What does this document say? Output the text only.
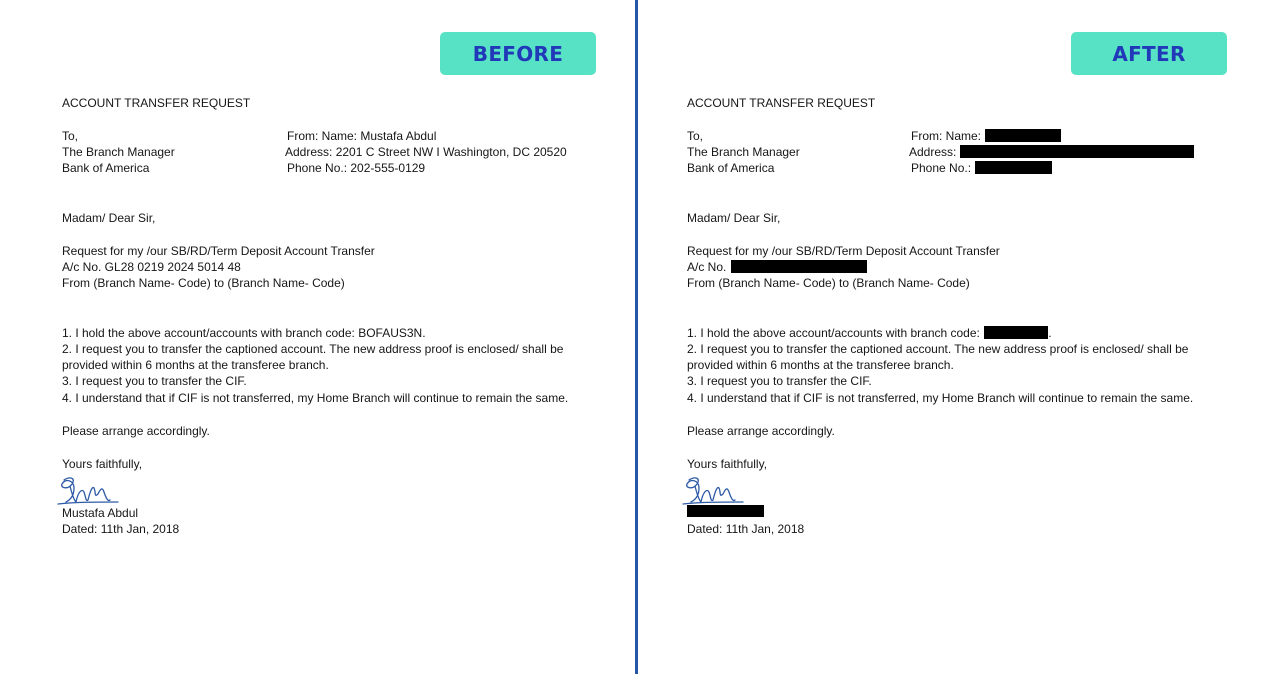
BEFORE
ACCOUNT TRANSFER REQUEST
To,
The Branch Manager
Bank of America
From: Name: Mustafa Abdul
Address: 2201 C Street NW I Washington, DC 20520
Phone No.: 202-555-0129
Madam/ Dear Sir,
Request for my /our SB/RD/Term Deposit Account Transfer
A/c No. GL28 0219 2024 5014 48
From (Branch Name- Code) to (Branch Name- Code)
1. I hold the above account/accounts with branch code: BOFAUS3N.
2. I request you to transfer the captioned account. The new address proof is enclosed/ shall be
provided within 6 months at the transferee branch.
3. I request you to transfer the CIF.
4. I understand that if CIF is not transferred, my Home Branch will continue to remain the same.
Please arrange accordingly.
Yours faithfully,
Mustafa Abdul
Dated: 11th Jan, 2018
AFTER
ACCOUNT TRANSFER REQUEST
To,
The Branch Manager
Bank of America
From: Name:
Address:
Phone No.:
Madam/ Dear Sir,
Request for my /our SB/RD/Term Deposit Account Transfer
A/c No.
From (Branch Name- Code) to (Branch Name- Code)
1. I hold the above account/accounts with branch code:	.
2. I request you to transfer the captioned account. The new address proof is enclosed/ shall be
provided within 6 months at the transferee branch.
3. I request you to transfer the CIF.
4. I understand that if CIF is not transferred, my Home Branch will continue to remain the same.
Please arrange accordingly.
Yours faithfully,
Dated: 11th Jan, 2018
